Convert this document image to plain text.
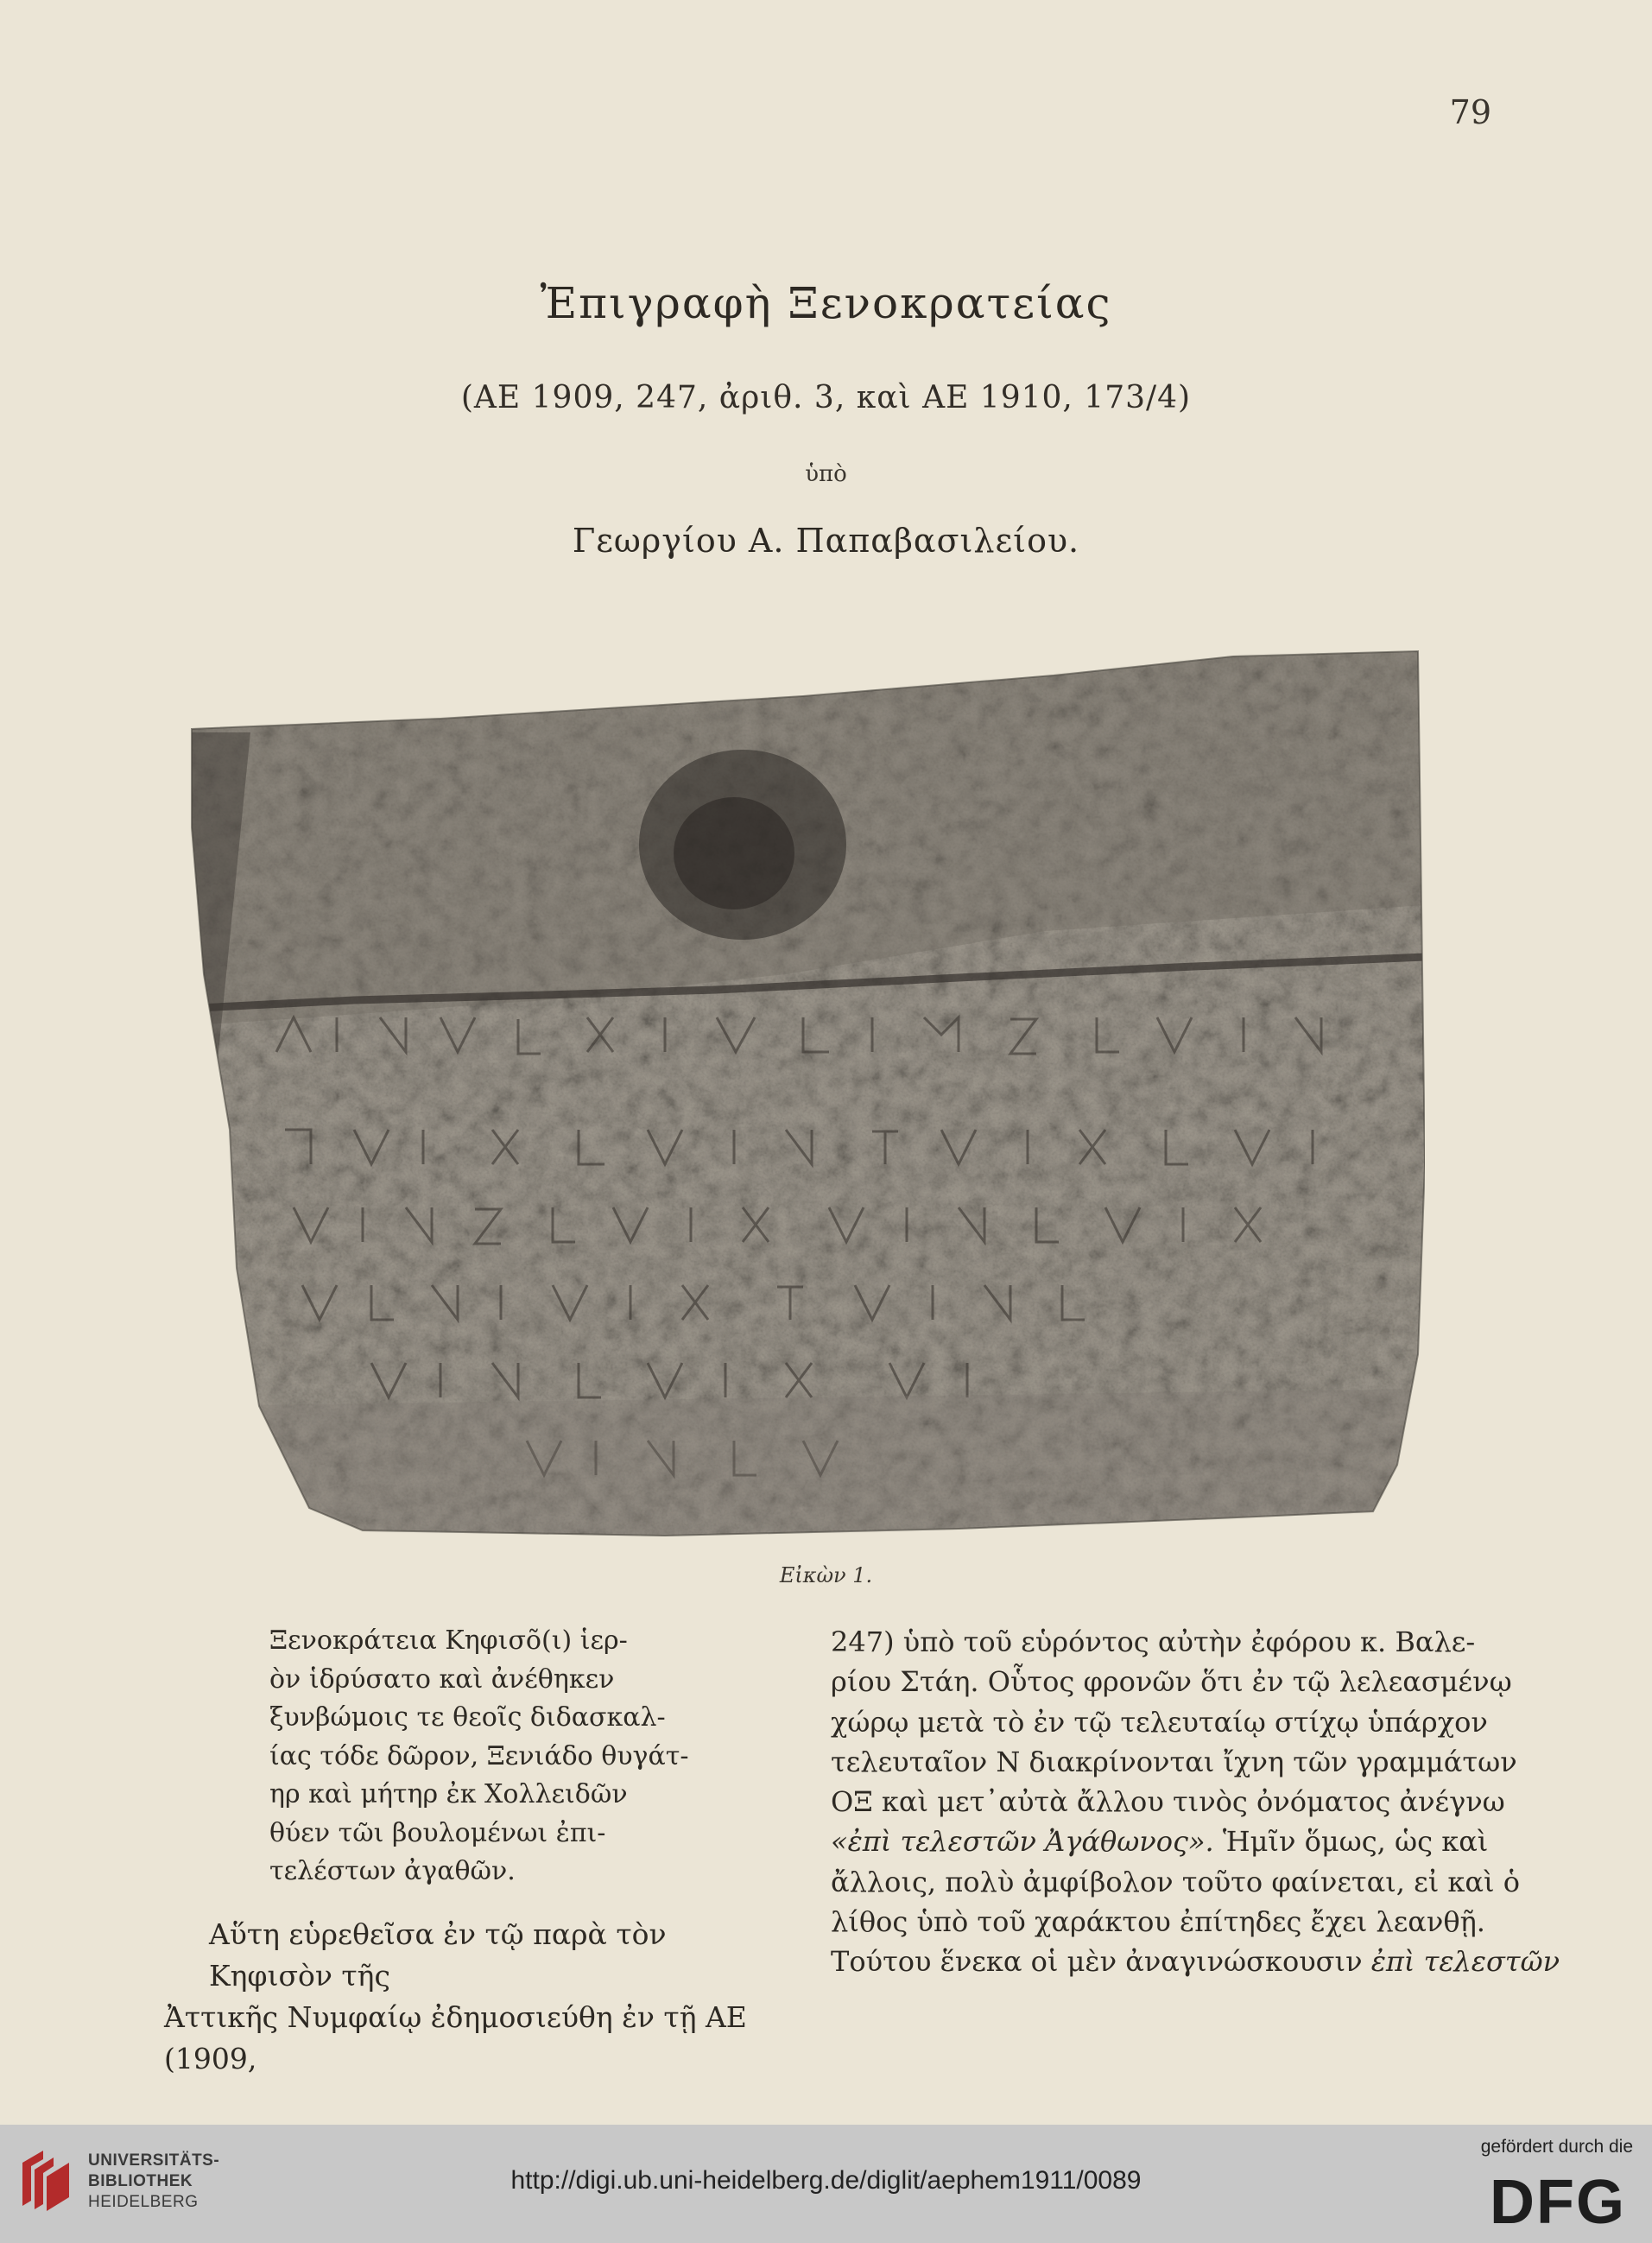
79
Ἐπιγραφὴ Ξενοκρατείας
(ΑΕ 1909, 247, ἀριθ. 3, καὶ ΑΕ 1910, 173/4)
ὑπὸ
Γεωργίου Α. Παπαβασιλείου.
Εἰκὼν 1.
Ξενοκράτεια Κηφισõ(ι) ἱερ-
ὸν ἱδρύσατο καὶ ἀνέθηκεν
ξυνβώμοις τε θεοῖς διδασκαλ-
ίας τόδε δῶρον, Ξενιάδο θυγάτ-
ηρ καὶ μήτηρ ἐκ Χολλειδῶν
θύεν τῶι βουλομένωι ἐπι-
τελέστων ἀγαθῶν.
Αὕτη εὑρεθεῖσα ἐν τῷ παρὰ τὸν Κηφισὸν τῆς
Ἀττικῆς Νυμφαίῳ ἐδημοσιεύθη ἐν τῇ ΑΕ (1909,
247) ὑπὸ τοῦ εὑρόντος αὐτὴν ἐφόρου κ. Βαλε-
ρίου Στάη. Οὗτος φρονῶν ὅτι ἐν τῷ λελεασμένῳ
χώρῳ μετὰ τὸ ἐν τῷ τελευταίῳ στίχῳ ὑπάρχον
τελευταῖον Ν διακρίνονται ἴχνη τῶν γραμμάτων
ΟΞ καὶ μετ᾽αὐτὰ ἄλλου τινὸς ὀνόματος ἀνέγνω
«ἐπὶ τελεστῶν Ἀγάθωνος». Ἡμῖν ὅμως, ὡς καὶ
ἄλλοις, πολὺ ἀμφίβολον τοῦτο φαίνεται, εἰ καὶ ὁ
λίθος ὑπὸ τοῦ χαράκτου ἐπίτηδες ἔχει λεανθῇ.
Τούτου ἕνεκα οἱ μὲν ἀναγινώσκουσιν ἐπὶ τελεστῶν
UNIVERSITÄTS-
BIBLIOTHEK
HEIDELBERG
http://digi.ub.uni-heidelberg.de/diglit/aephem1911/0089
gefördert durch die
DFG
